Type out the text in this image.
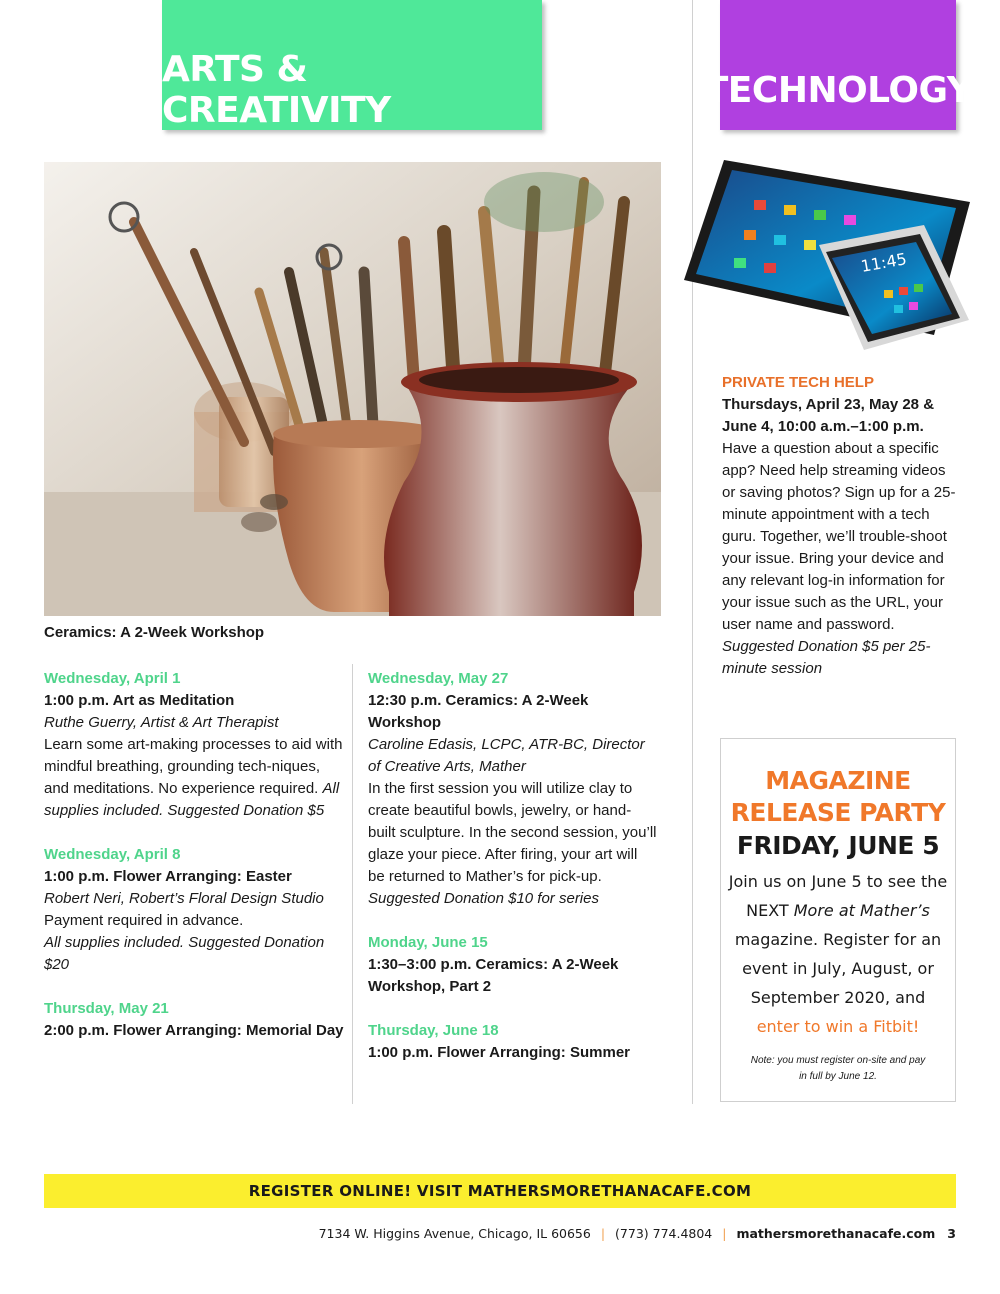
ARTS & CREATIVITY	TECHNOLOGY
11:45
Ceramics: A 2-Week Workshop
Wednesday, April 1
1:00 p.m. Art as Meditation
Ruthe Guerry, Artist & Art Therapist
Learn some art-making processes to aid with mindful breathing, grounding tech-niques, and meditations. No experience required. All supplies included. Suggested Donation $5
Wednesday, April 8
1:00 p.m. Flower Arranging: Easter
Robert Neri, Robert’s Floral Design Studio
Payment required in advance.
All supplies included. Suggested Donation $20
Thursday, May 21
2:00 p.m. Flower Arranging: Memorial Day
Wednesday, May 27
12:30 p.m. Ceramics: A 2-Week Workshop
Caroline Edasis, LCPC, ATR-BC, Director of Creative Arts, Mather
In the first session you will utilize clay to create beautiful bowls, jewelry, or hand-built sculpture. In the second session, you’ll glaze your piece. After firing, your art will be returned to Mather’s for pick-up. Suggested Donation $10 for series
Monday, June 15
1:30–3:00 p.m. Ceramics: A 2-Week Workshop, Part 2
Thursday, June 18
1:00 p.m. Flower Arranging: Summer
PRIVATE TECH HELP
Thursdays, April 23, May 28 & June 4, 10:00 a.m.–1:00 p.m.
Have a question about a specific app? Need help streaming videos or saving photos? Sign up for a 25-minute appointment with a tech guru. Together, we’ll trouble-shoot your issue. Bring your device and any relevant log-in information for your issue such as the URL, your user name and password.
Suggested Donation $5 per 25-minute session
MAGAZINE
RELEASE PARTY
FRIDAY, JUNE 5
Join us on June 5 to see the NEXT More at Mather’s magazine. Register for an event in July, August, or September 2020, and enter to win a Fitbit!
Note: you must register on-site and pay in full by June 12.
REGISTER ONLINE! VISIT MATHERSMORETHANACAFE.COM
7134 W. Higgins Avenue, Chicago, IL 60656 | (773) 774.4804 | mathersmorethanacafe.com 3
